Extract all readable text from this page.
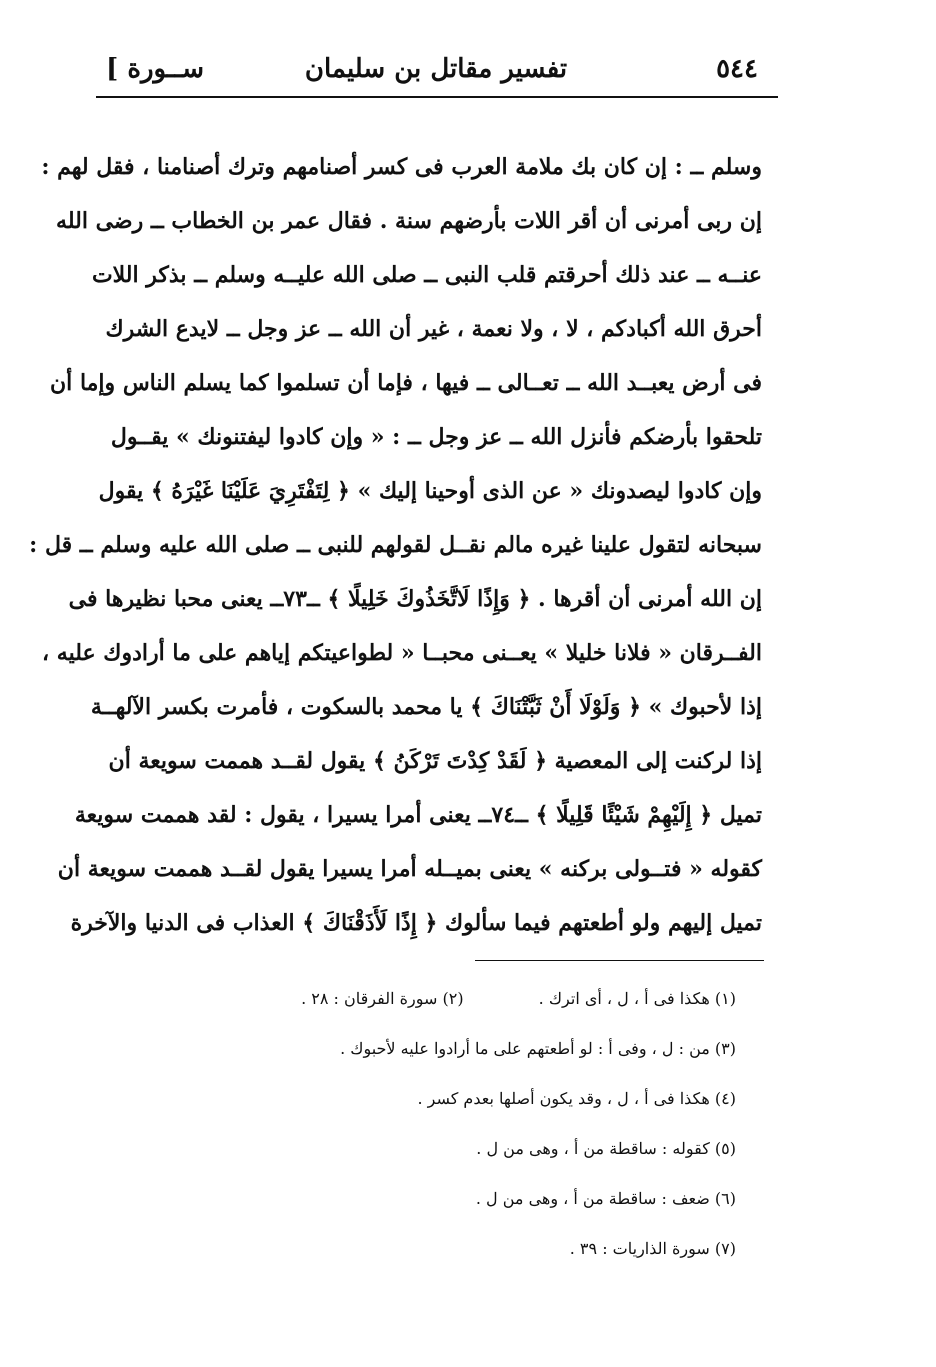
٥٤٤
تفسير مقاتل بن سليمان
[ ســورة
وسلم ــ : إن كان بك ملامة العرب فى كسر أصنامهم وترك أصنامنا ، فقل لهم :
إن ربى أمرنى أن أقر اللات بأرضهم سنة . فقال عمر بن الخطاب ــ رضى الله
عنــه ــ عند ذلك أحرقتم قلب النبى ــ صلى الله عليــه وسلم ــ بذكر اللات
أحرق الله أكبادكم ، لا ، ولا نعمة ، غير أن الله ــ عز وجل ــ لايدع الشرك
فى أرض يعبــد الله ــ تعــالى ــ فيها ، فإما أن تسلموا كما يسلم الناس وإما أن
تلحقوا بأرضكم فأنزل الله ــ عز وجل ــ : « وإن كادوا ليفتنونك » يقــول
وإن كادوا ليصدونك « عن الذى أوحينا إليك » ﴿ لِتَفْتَرِيَ عَلَيْنَا غَيْرَهُ ﴾ يقول
سبحانه لتقول علينا غيره مالم نقــل لقولهم للنبى ــ صلى الله عليه وسلم ــ قل :
إن الله أمرنى أن أقرها . ﴿ وَإِذًا لَاتَّخَذُوكَ خَلِيلًا ﴾ ــ٧٣ــ يعنى محبا نظيرها فى
الفــرقان « فلانا خليلا » يعــنى محبــا « لطواعيتكم إياهم على ما أرادوك عليه ،
إذا لأحبوك » ﴿ وَلَوْلَا أَنْ ثَبَّتْنَاكَ ﴾ يا محمد بالسكوت ، فأمرت بكسر الآلهــة
إذا لركنت إلى المعصية ﴿ لَقَدْ كِدْتَ تَرْكَنُ ﴾ يقول لقــد هممت سويعة أن
تميل ﴿ إِلَيْهِمْ شَيْئًا قَلِيلًا ﴾ ــ٧٤ــ يعنى أمرا يسيرا ، يقول : لقد هممت سويعة
كقوله « فتــولى بركنه » يعنى بميــله أمرا يسيرا يقول لقــد هممت سويعة أن
تميل إليهم ولو أطعتهم فيما سألوك ﴿ إِذًا لَأَذَقْنَاكَ ﴾ العذاب فى الدنيا والآخرة
(١) هكذا فى أ ، ل ، أى اترك . (٢) سورة الفرقان : ٢٨ .
(٣) من : ل ، وفى أ : لو أطعتهم على ما أرادوا عليه لأحبوك .
(٤) هكذا فى أ ، ل ، وقد يكون أصلها بعدم كسر .
(٥) كقوله : ساقطة من أ ، وهى من ل .
(٦) ضعف : ساقطة من أ ، وهى من ل .
(٧) سورة الذاريات : ٣٩ .
